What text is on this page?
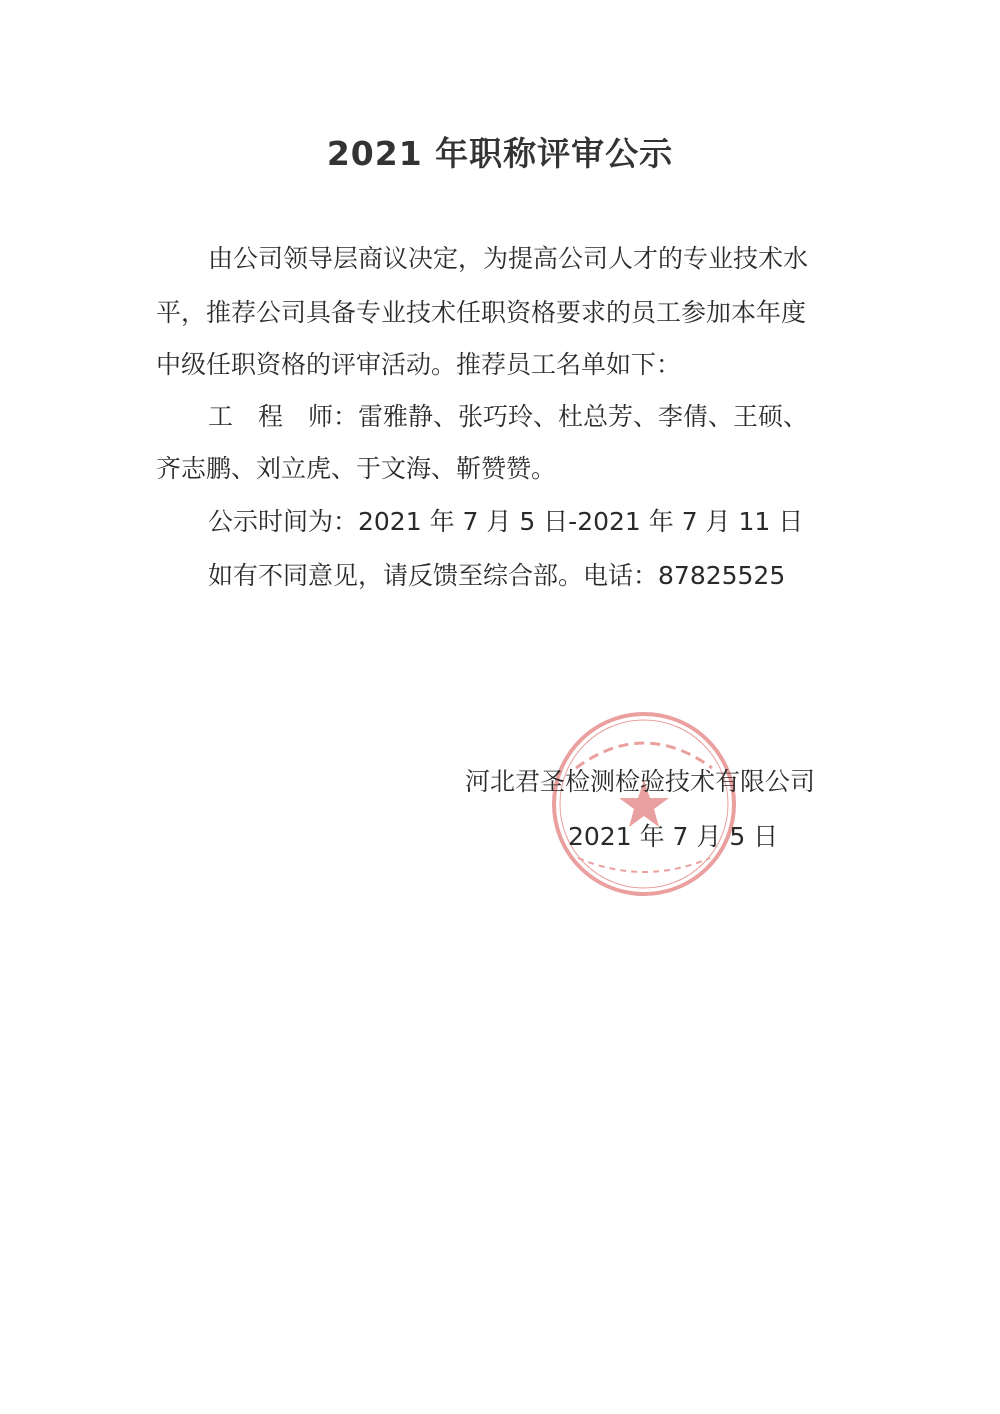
2021 年职称评审公示
由公司领导层商议决定，为提高公司人才的专业技术水
平，推荐公司具备专业技术任职资格要求的员工参加本年度
中级任职资格的评审活动。推荐员工名单如下：
工　程　师：雷雅静、张巧玲、杜总芳、李倩、王硕、
齐志鹏、刘立虎、于文海、靳赞赞。
公示时间为：2021 年 7 月 5 日-2021 年 7 月 11 日
如有不同意见，请反馈至综合部。电话：87825525
河北君圣检测检验技术有限公司
2021 年 7 月 5 日
